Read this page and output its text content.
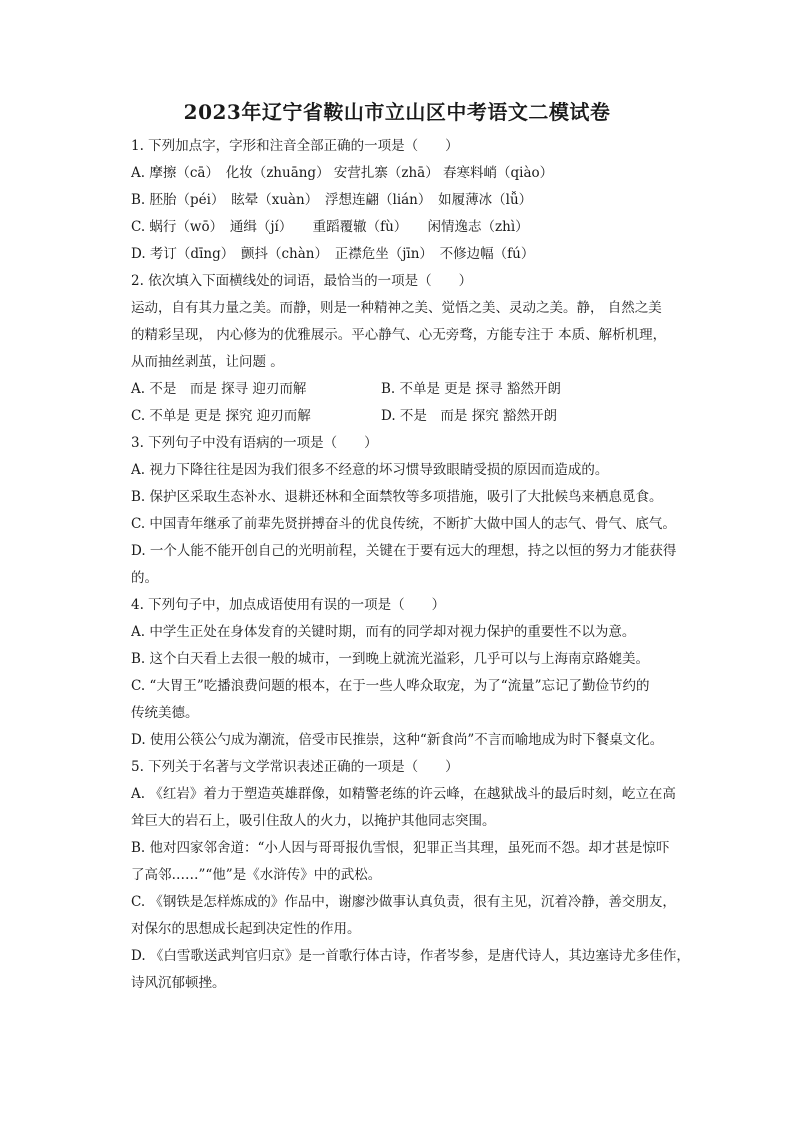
2023年辽宁省鞍山市立山区中考语文二模试卷
1. 下列加点字，字形和注音全部正确的一项是（　　）
A. 摩擦（cā）　化妆（zhuāng） 安营扎寨（zhā） 春寒料峭（qiào）
B. 胚胎（péi）　眩晕（xuàn）　浮想连翩（lián）　如履薄冰（lǚ）
C. 蜗行（wō）　通缉（jí）　　重蹈覆辙（fù）　　闲情逸志（zhì）
D. 考订（dīng）　颤抖（chàn）　正襟危坐（jīn）　不修边幅（fú）
2. 依次填入下面横线处的词语，最恰当的一项是（　　）
运动，自有其力量之美。而静，则是一种精神之美、觉悟之美、灵动之美。静， 自然之美
的精彩呈现， 内心修为的优雅展示。平心静气、心无旁骛，方能专注于 本质、解析机理，
从而抽丝剥茧，让问题 。
A. 不是　而是 探寻 迎刃而解	B. 不单是 更是 探寻 豁然开朗
C. 不单是 更是 探究 迎刃而解	D. 不是　而是 探究 豁然开朗
3. 下列句子中没有语病的一项是（　　）
A. 视力下降往往是因为我们很多不经意的坏习惯导致眼睛受损的原因而造成的。
B. 保护区采取生态补水、退耕还林和全面禁牧等多项措施，吸引了大批候鸟来栖息觅食。
C. 中国青年继承了前辈先贤拼搏奋斗的优良传统，不断扩大做中国人的志气、骨气、底气。
D. 一个人能不能开创自己的光明前程，关键在于要有远大的理想，持之以恒的努力才能获得
的。
4. 下列句子中，加点成语使用有误的一项是（　　）
A. 中学生正处在身体发育的关键时期，而有的同学却对视力保护的重要性不以为意。
B. 这个白天看上去很一般的城市，一到晚上就流光溢彩，几乎可以与上海南京路媲美。
C. “大胃王”吃播浪费问题的根本，在于一些人哗众取宠，为了“流量”忘记了勤俭节约的
传统美德。
D. 使用公筷公勺成为潮流，倍受市民推崇，这种“新食尚”不言而喻地成为时下餐桌文化。
5. 下列关于名著与文学常识表述正确的一项是（　　）
A. 《红岩》着力于塑造英雄群像，如精警老练的许云峰，在越狱战斗的最后时刻，屹立在高
耸巨大的岩石上，吸引住敌人的火力，以掩护其他同志突围。
B. 他对四家邻舍道：“小人因与哥哥报仇雪恨，犯罪正当其理，虽死而不怨。却才甚是惊吓
了高邻……”“他”是《水浒传》中的武松。
C. 《钢铁是怎样炼成的》作品中，谢廖沙做事认真负责，很有主见，沉着冷静，善交朋友，
对保尔的思想成长起到决定性的作用。
D. 《白雪歌送武判官归京》是一首歌行体古诗，作者岑参，是唐代诗人，其边塞诗尤多佳作，
诗风沉郁顿挫。
